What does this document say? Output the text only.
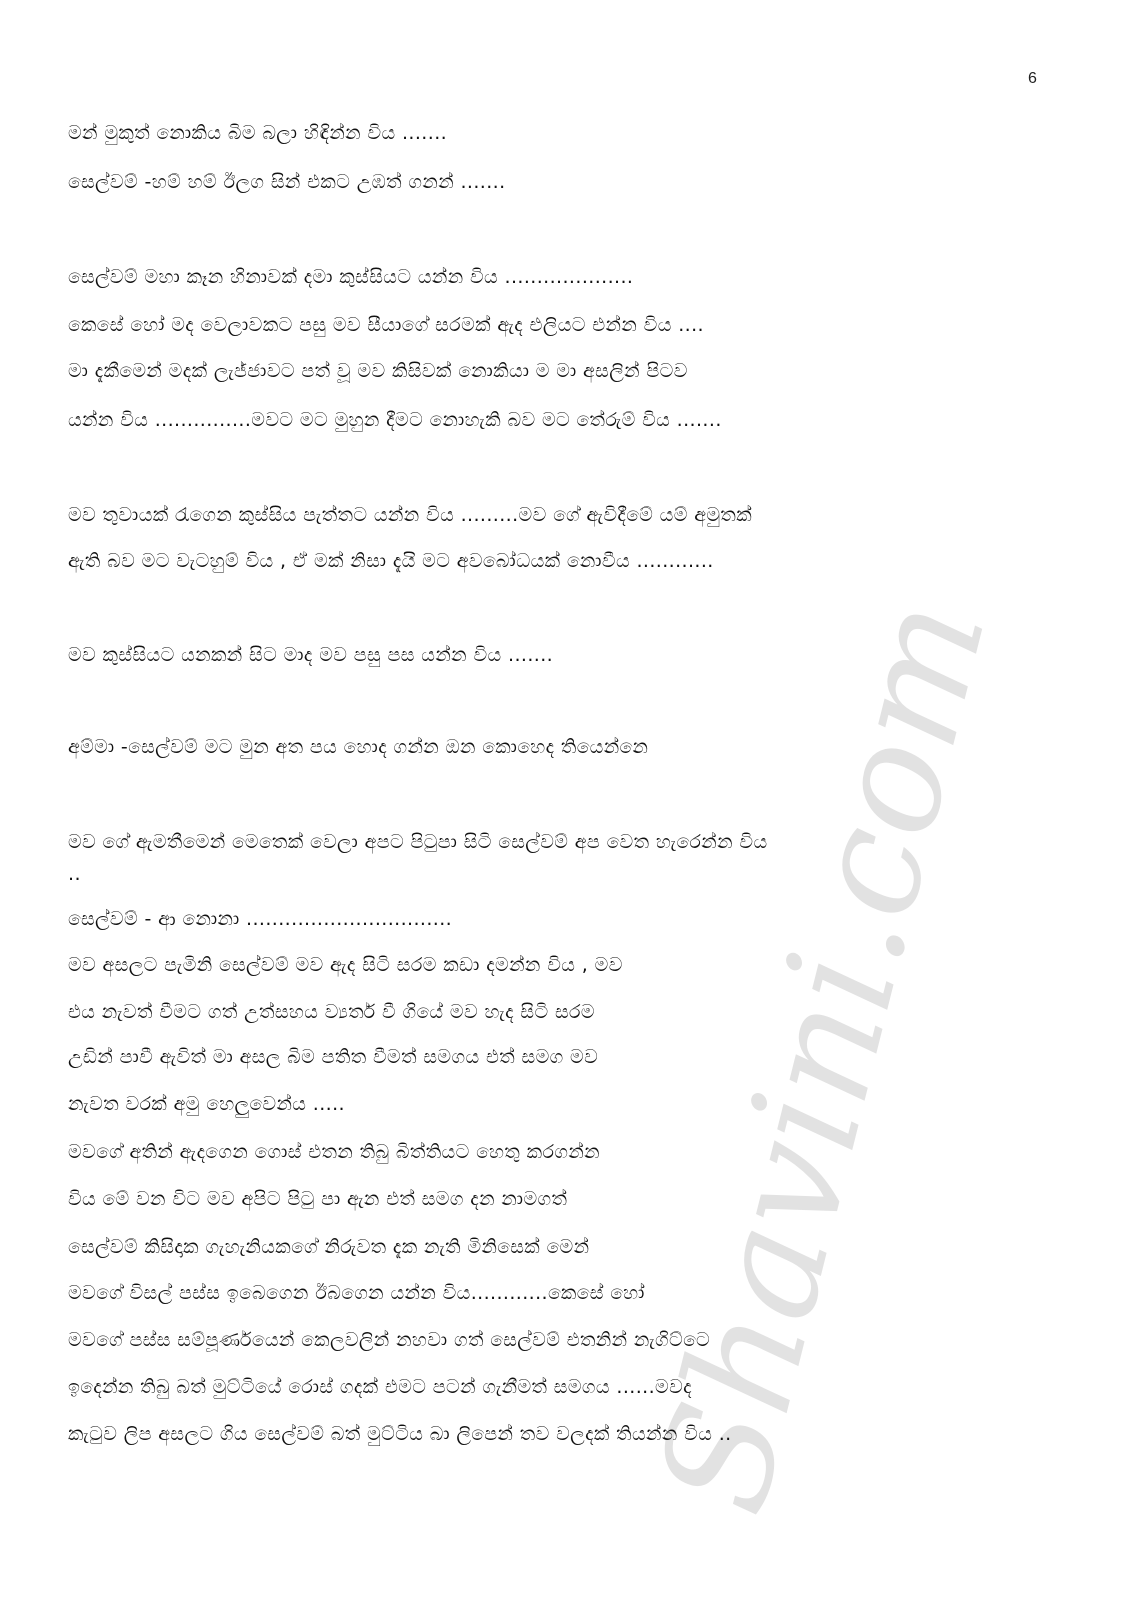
Shavini.com
6
මන් මුකුත් නොකිය බිම බලා හිඳින්න විය .......
සෙල්වම් -හම් හම් ඊලග සින් එකට උඹත් ගනන් .......
සෙල්වම් මහා කෑන හිනාවක් දමා කුස්සියට යන්න විය ....................
කෙසේ හෝ මද වෙලාවකට පසු මව සීයාගේ සරමක් ඇද එලියට එන්න විය ....
මා දැකීමෙන් මදක් ලැජ්ජාවට පත් වූ මව කිසිවක් නොකියා ම මා අසලින් පිටව
යන්න විය ...............මවට මට මුහුන දීමට නොහැකි බව මට තේරුම් විය .......
මව තුවායක් රැගෙන කුස්සිය පැත්තට යන්න විය .........මව ගේ ඇවිදීමේ යම් අමුතක්
ඇති බව මට වැටහුම් විය , ඒ මක් නිසා දැයි මට අවබෝධයක් නොවීය ............
මව කුස්සියට යනකන් සිට මාද මව පසු පස යන්න විය .......
අම්මා -සෙල්වම් මට මුන අත පය හොද ගන්න ඔන කොහෙද තියෙන්නෙ
මව ගේ ඇමතීමෙන් මෙතෙක් වෙලා අපට පිටුපා සිටි සෙල්වම් අප වෙත හැරෙන්න විය
..
සෙල්වම් - ආ නොනා ................................
මව අසලට පැමිනි සෙල්වම් මව ඇද සිටි සරම කඩා දමන්න විය , මව
එය නැවත් වීමට ගත් උත්සහය ව්‍යර්ත වී ගියේ මව හැද සිටි සරම
උඩින් පාවී ඇවිත් මා අසල බිම පතිත වීමත් සමගය එත් සමග මව
නැවත වරක් අමු හෙලුවෙන්ය .....
මවගේ අතින් ඇදගෙන ගොස් එතන තිබු බිත්තියට හෙතු කරගන්න
විය මේ වන විට මව අපිට පිටු පා ඇන එත් සමග දන නාමගත්
සෙල්වම් කිසිදාක ගැහැනියකගේ නිරුවත දැක නැති මිනිසෙක් මෙන්
මවගේ විසල් පස්ස ඉබෙගෙන ඊබගෙන යන්න විය............කෙසේ හෝ
මවගේ පස්ස සම්පූර්ණයෙන් කෙලවලින් නහවා ගත් සෙල්වම් එතනින් නැගිට්ටෙ
ඉදෙන්න තිබු බත් මුට්ටියේ රොස් ගදක් එමට පටන් ගැනීමත් සමගය ......මවද
කැටුව ලිප අසලට ගිය සෙල්වම් බත් මුට්ටිය බා ලිපෙන් තව වලදක් තියන්න විය ..
